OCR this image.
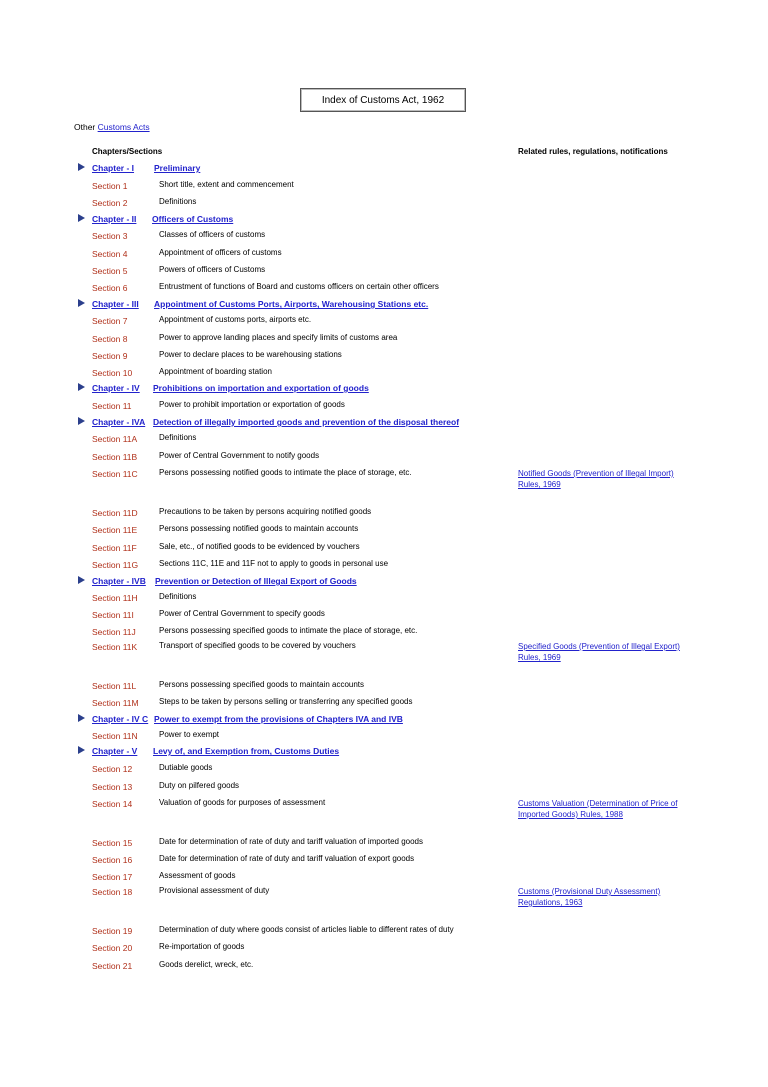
Index of Customs Act, 1962
Other Customs Acts
Chapters/Sections	Related rules, regulations, notifications
Chapter - I Preliminary
Section 1	Short title, extent and commencement
Section 2	Definitions
Chapter - II Officers of Customs
Section 3	Classes of officers of customs
Section 4	Appointment of officers of customs
Section 5	Powers of officers of Customs
Section 6	Entrustment of functions of Board and customs officers on certain other officers
Chapter - III Appointment of Customs Ports, Airports, Warehousing Stations etc.
Section 7	Appointment of customs ports, airports etc.
Section 8	Power to approve landing places and specify limits of customs area
Section 9	Power to declare places to be warehousing stations
Section 10	Appointment of boarding station
Chapter - IV Prohibitions on importation and exportation of goods
Section 11	Power to prohibit importation or exportation of goods
Chapter - IVA Detection of illegally imported goods and prevention of the disposal thereof
Section 11A	Definitions
Section 11B	Power of Central Government to notify goods
Section 11C	Persons possessing notified goods to intimate the place of storage, etc.	Notified Goods (Prevention of Illegal Import)
Rules, 1969
Section 11D	Precautions to be taken by persons acquiring notified goods
Section 11E	Persons possessing notified goods to maintain accounts
Section 11F	Sale, etc., of notified goods to be evidenced by vouchers
Section 11G	Sections 11C, 11E and 11F not to apply to goods in personal use
Chapter - IVB Prevention or Detection of Illegal Export of Goods
Section 11H	Definitions
Section 11I	Power of Central Government to specify goods
Section 11J	Persons possessing specified goods to intimate the place of storage, etc.
Section 11K	Transport of specified goods to be covered by vouchers	Specified Goods (Prevention of Illegal Export)
Rules, 1969
Section 11L	Persons possessing specified goods to maintain accounts
Section 11M	Steps to be taken by persons selling or transferring any specified goods
Chapter - IV C Power to exempt from the provisions of Chapters IVA and IVB
Section 11N	Power to exempt
Chapter - V Levy of, and Exemption from, Customs Duties
Section 12	Dutiable goods
Section 13	Duty on pilfered goods
Section 14	Valuation of goods for purposes of assessment	Customs Valuation (Determination of Price of
Imported Goods) Rules, 1988
Section 15	Date for determination of rate of duty and tariff valuation of imported goods
Section 16	Date for determination of rate of duty and tariff valuation of export goods
Section 17	Assessment of goods
Section 18	Provisional assessment of duty	Customs (Provisional Duty Assessment)
Regulations, 1963
Section 19	Determination of duty where goods consist of articles liable to different rates of duty
Section 20	Re-importation of goods
Section 21	Goods derelict, wreck, etc.
